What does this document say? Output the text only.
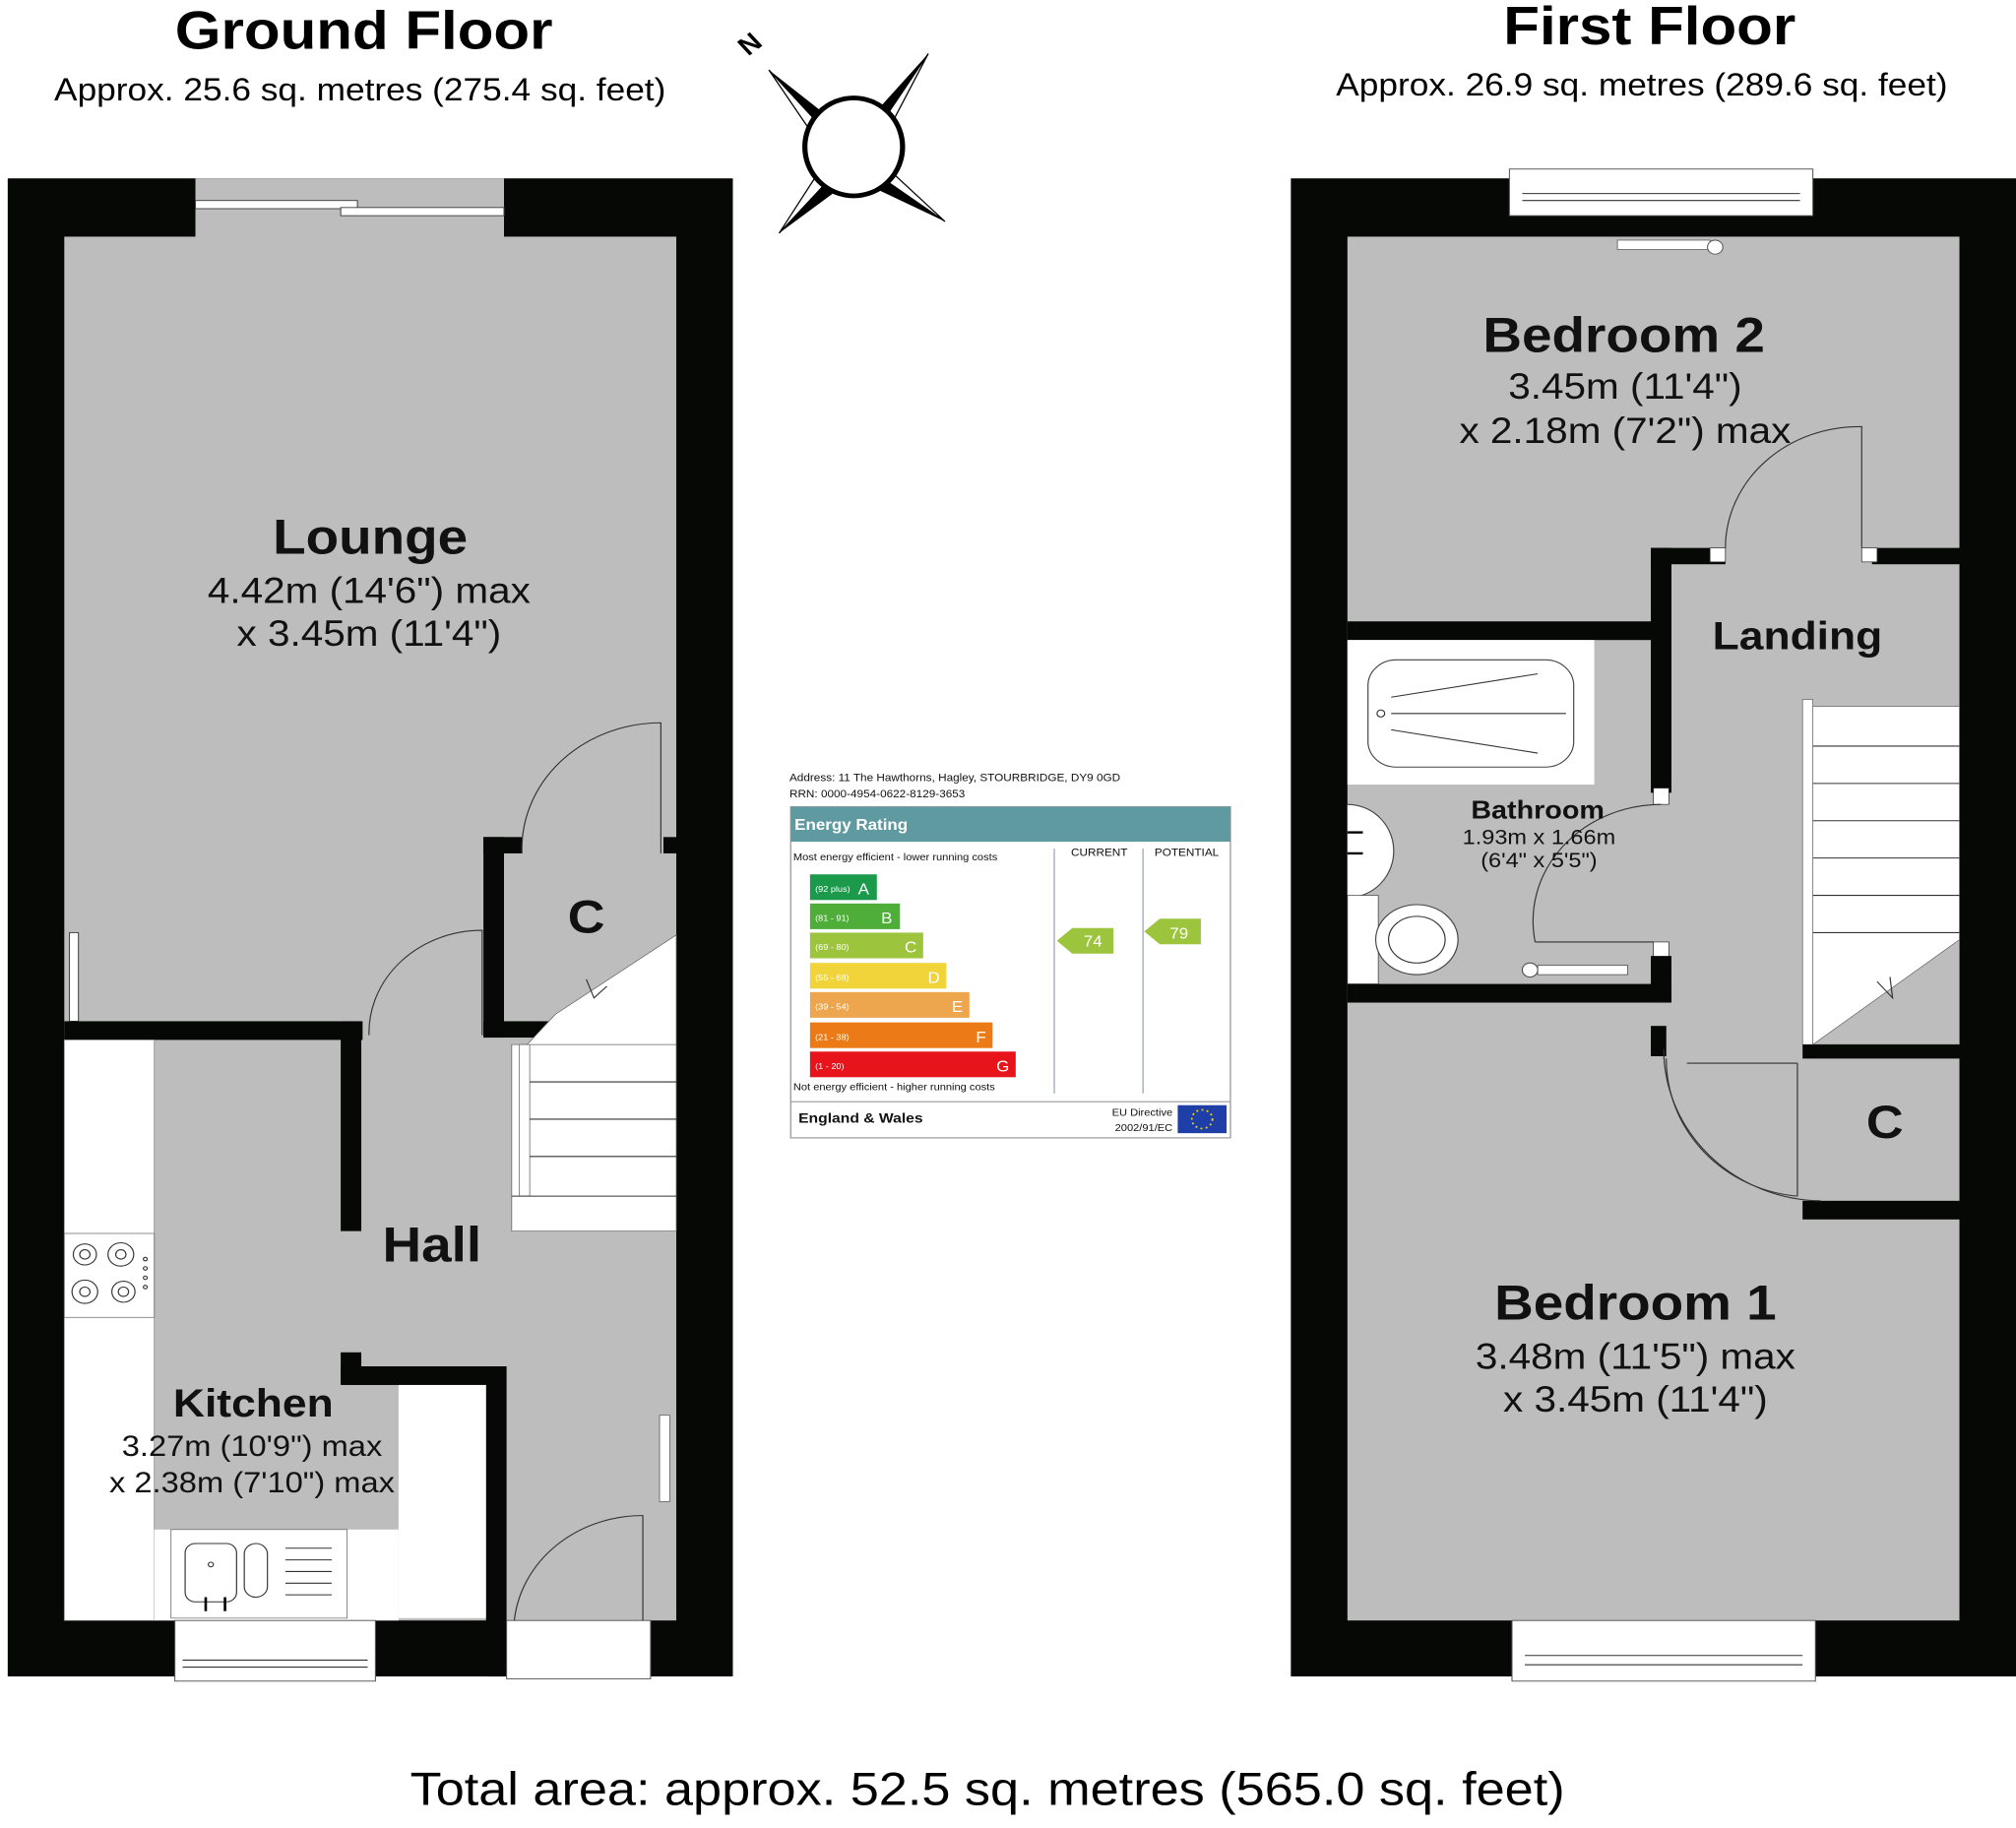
Ground Floor
Approx. 25.6 sq. metres (275.4 sq. feet)
First Floor
Approx. 26.9 sq. metres (289.6 sq. feet)
N
Lounge
4.42m (14'6") max
x 3.45m (11'4")
C
Hall
Kitchen
3.27m (10'9") max
x 2.38m (7'10") max
Bedroom 2
3.45m (11'4")
x 2.18m (7'2") max
Landing
Bathroom
1.93m x 1.66m
(6'4" x 5'5")
C
Bedroom 1
3.48m (11'5") max
x 3.45m (11'4")
Address: 11 The Hawthorns, Hagley, STOURBRIDGE, DY9 0GD
RRN: 0000-4954-0622-8129-3653
Energy Rating
Most energy efficient - lower running costs	CURRENT	POTENTIAL
(92 plus) A
(81 - 91)	B
(69 - 80)	C
(55 - 68)	D
(39 - 54)	E
(21 - 38)	F
(1 - 20)	G
74	79
Not energy efficient - higher running costs
England & Wales	EU Directive
2002/91/EC
Total area: approx. 52.5 sq. metres (565.0 sq. feet)
